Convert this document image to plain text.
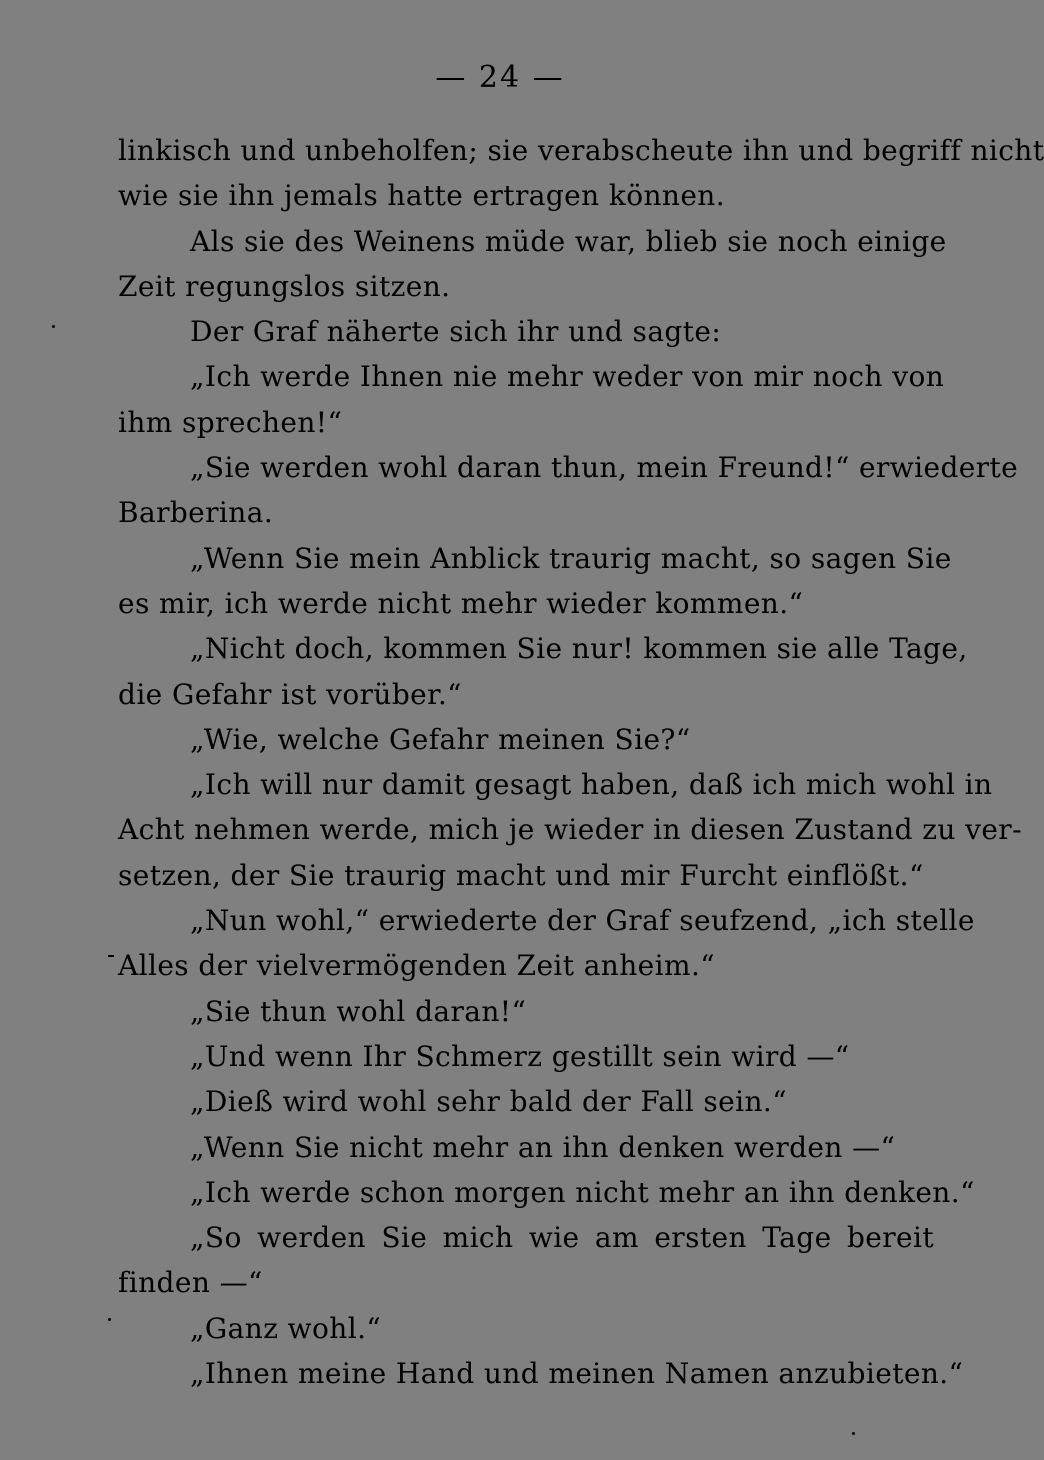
— 24 —
linkisch und unbeholfen; sie verabscheute ihn und begriff nicht
wie sie ihn jemals hatte ertragen können.
Als sie des Weinens müde war, blieb sie noch einige
Zeit regungslos sitzen.
Der Graf näherte sich ihr und sagte:
„Ich werde Ihnen nie mehr weder von mir noch von
ihm sprechen!“
„Sie werden wohl daran thun, mein Freund!“ erwiederte
Barberina.
„Wenn Sie mein Anblick traurig macht, so sagen Sie
es mir, ich werde nicht mehr wieder kommen.“
„Nicht doch, kommen Sie nur! kommen sie alle Tage,
die Gefahr ist vorüber.“
„Wie, welche Gefahr meinen Sie?“
„Ich will nur damit gesagt haben, daß ich mich wohl in
Acht nehmen werde, mich je wieder in diesen Zustand zu ver-
setzen, der Sie traurig macht und mir Furcht einflößt.“
„Nun wohl,“ erwiederte der Graf seufzend, „ich stelle
Alles der vielvermögenden Zeit anheim.“
„Sie thun wohl daran!“
„Und wenn Ihr Schmerz gestillt sein wird —“
„Dieß wird wohl sehr bald der Fall sein.“
„Wenn Sie nicht mehr an ihn denken werden —“
„Ich werde schon morgen nicht mehr an ihn denken.“
„So werden Sie mich wie am ersten Tage bereit
finden —“
„Ganz wohl.“
„Ihnen meine Hand und meinen Namen anzubieten.“
